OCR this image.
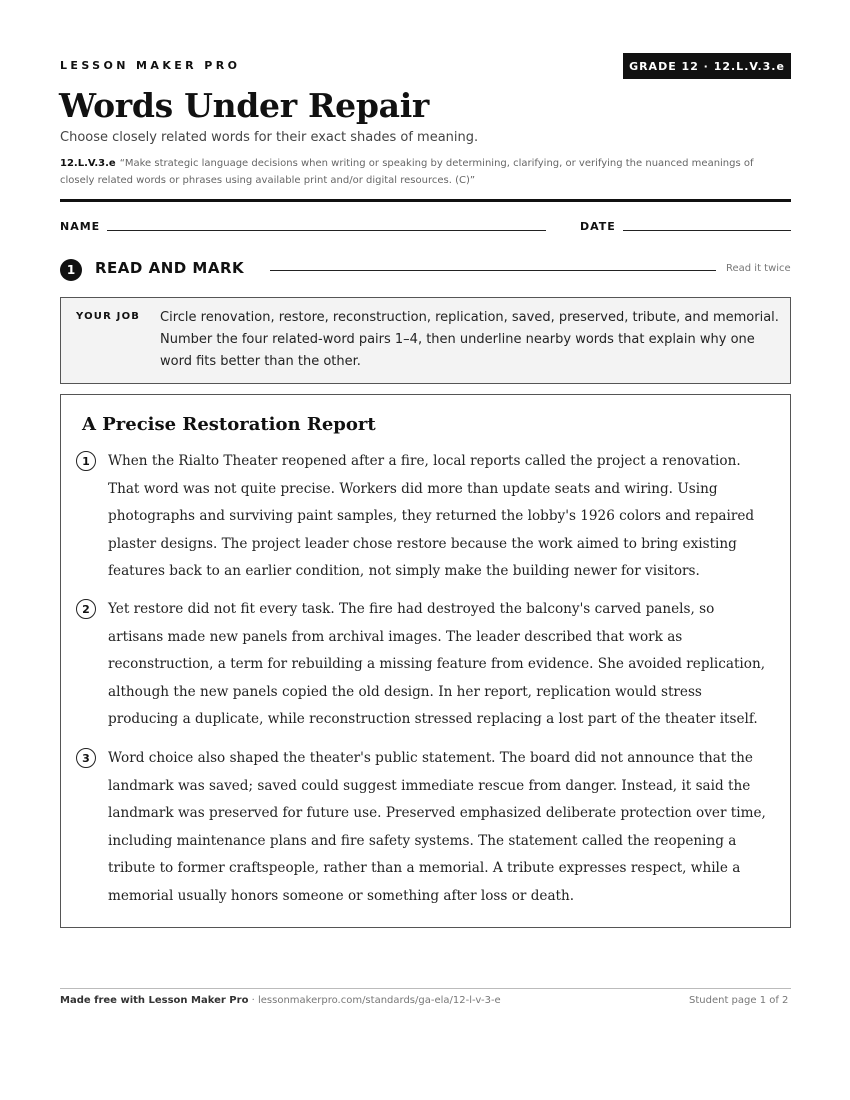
LESSON MAKER PRO	GRADE 12 · 12.L.V.3.e
Words Under Repair
Choose closely related words for their exact shades of meaning.
12.L.V.3.e “Make strategic language decisions when writing or speaking by determining, clarifying, or verifying the nuanced meanings of closely related words or phrases using available print and/or digital resources. (C)”
NAME	DATE
1	READ AND MARK	Read it twice
YOUR JOB Circle renovation, restore, reconstruction, replication, saved, preserved, tribute, and memorial. Number the four related-word pairs 1–4, then underline nearby words that explain why one word fits better than the other.
A Precise Restoration Report
1	When the Rialto Theater reopened after a fire, local reports called the project a renovation. That word was not quite precise. Workers did more than update seats and wiring. Using photographs and surviving paint samples, they returned the lobby's 1926 colors and repaired plaster designs. The project leader chose restore because the work aimed to bring existing features back to an earlier condition, not simply make the building newer for visitors.

2	Yet restore did not fit every task. The fire had destroyed the balcony's carved panels, so artisans made new panels from archival images. The leader described that work as reconstruction, a term for rebuilding a missing feature from evidence. She avoided replication, although the new panels copied the old design. In her report, replication would stress producing a duplicate, while reconstruction stressed replacing a lost part of the theater itself.

3	Word choice also shaped the theater's public statement. The board did not announce that the landmark was saved; saved could suggest immediate rescue from danger. Instead, it said the landmark was preserved for future use. Preserved emphasized deliberate protection over time, including maintenance plans and fire safety systems. The statement called the reopening a tribute to former craftspeople, rather than a memorial. A tribute expresses respect, while a memorial usually honors someone or something after loss or death.

Made free with Lesson Maker Pro · lessonmakerpro.com/standards/ga-ela/12-l-v-3-e	Student page 1 of 2
